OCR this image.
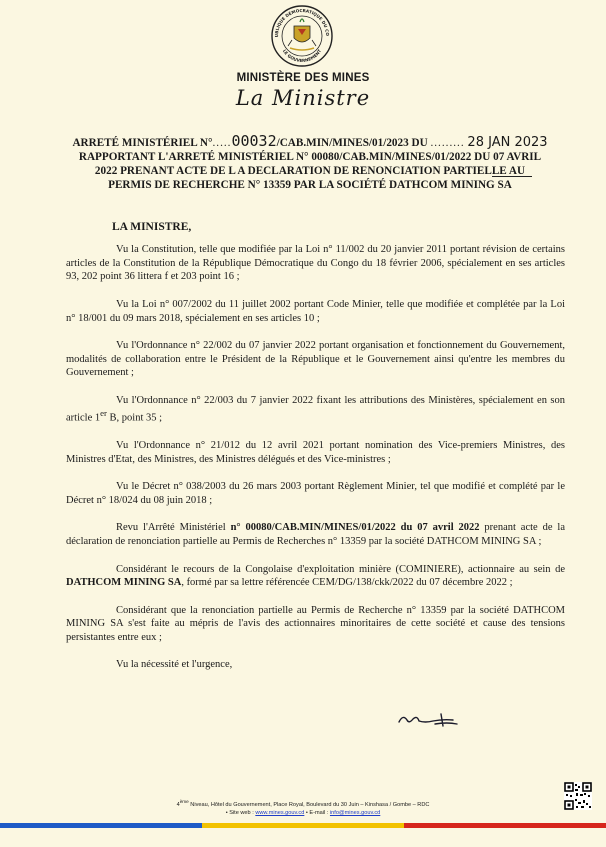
UBLIQUE DÉMOCRATIQUE DU CO
LE GOUVERNEMENT
MINISTÈRE DES MINES
La Ministre
ARRETÉ MINISTÉRIEL N°.....00032/CAB.MIN/MINES/01/2023 DU ......... 28 JAN 2023
RAPPORTANT L'ARRETÉ MINISTÉRIEL N° 00080/CAB.MIN/MINES/01/2022 DU 07 AVRIL
2022 PRENANT ACTE DE L A DECLARATION DE RENONCIATION PARTIELLE AU
PERMIS DE RECHERCHE N° 13359 PAR LA SOCIÉTÉ DATHCOM MINING SA
LA MINISTRE,

Vu la Constitution, telle que modifiée par la Loi n° 11/002 du 20 janvier 2011 portant révision de certains articles de la Constitution de la République Démocratique du Congo du 18 février 2006, spécialement en ses articles 93, 202 point 36 littera f et 203 point 16 ;

Vu la Loi n° 007/2002 du 11 juillet 2002 portant Code Minier, telle que modifiée et complétée par la Loi n° 18/001 du 09 mars 2018, spécialement en ses articles 10 ;

Vu l'Ordonnance n° 22/002 du 07 janvier 2022 portant organisation et fonctionnement du Gouvernement, modalités de collaboration entre le Président de la République et le Gouvernement ainsi qu'entre les membres du Gouvernement ;

Vu l'Ordonnance n° 22/003 du 7 janvier 2022 fixant les attributions des Ministères, spécialement en son article 1er B, point 35 ;

Vu l'Ordonnance n° 21/012 du 12 avril 2021 portant nomination des Vice-premiers Ministres, des Ministres d'Etat, des Ministres, des Ministres délégués et des Vice-ministres ;

Vu le Décret n° 038/2003 du 26 mars 2003 portant Règlement Minier, tel que modifié et complété par le Décret n° 18/024 du 08 juin 2018 ;

Revu l'Arrêté Ministériel n° 00080/CAB.MIN/MINES/01/2022 du 07 avril 2022 prenant acte de la déclaration de renonciation partielle au Permis de Recherches n° 13359 par la société DATHCOM MINING SA ;

Considérant le recours de la Congolaise d'exploitation minière (COMINIERE), actionnaire au sein de DATHCOM MINING SA, formé par sa lettre référencée CEM/DG/138/ckk/2022 du 07 décembre 2022 ;

Considérant que la renonciation partielle au Permis de Recherche n° 13359 par la société DATHCOM MINING SA s'est faite au mépris de l'avis des actionnaires minoritaires de cette société et cause des tensions persistantes entre eux ;

Vu la nécessité et l'urgence,

4ème Niveau, Hôtel du Gouvernement, Place Royal, Boulevard du 30 Juin – Kinshasa / Gombe – RDC
• Site web : www.mines.gouv.cd • E-mail : info@mines.gouv.cd
